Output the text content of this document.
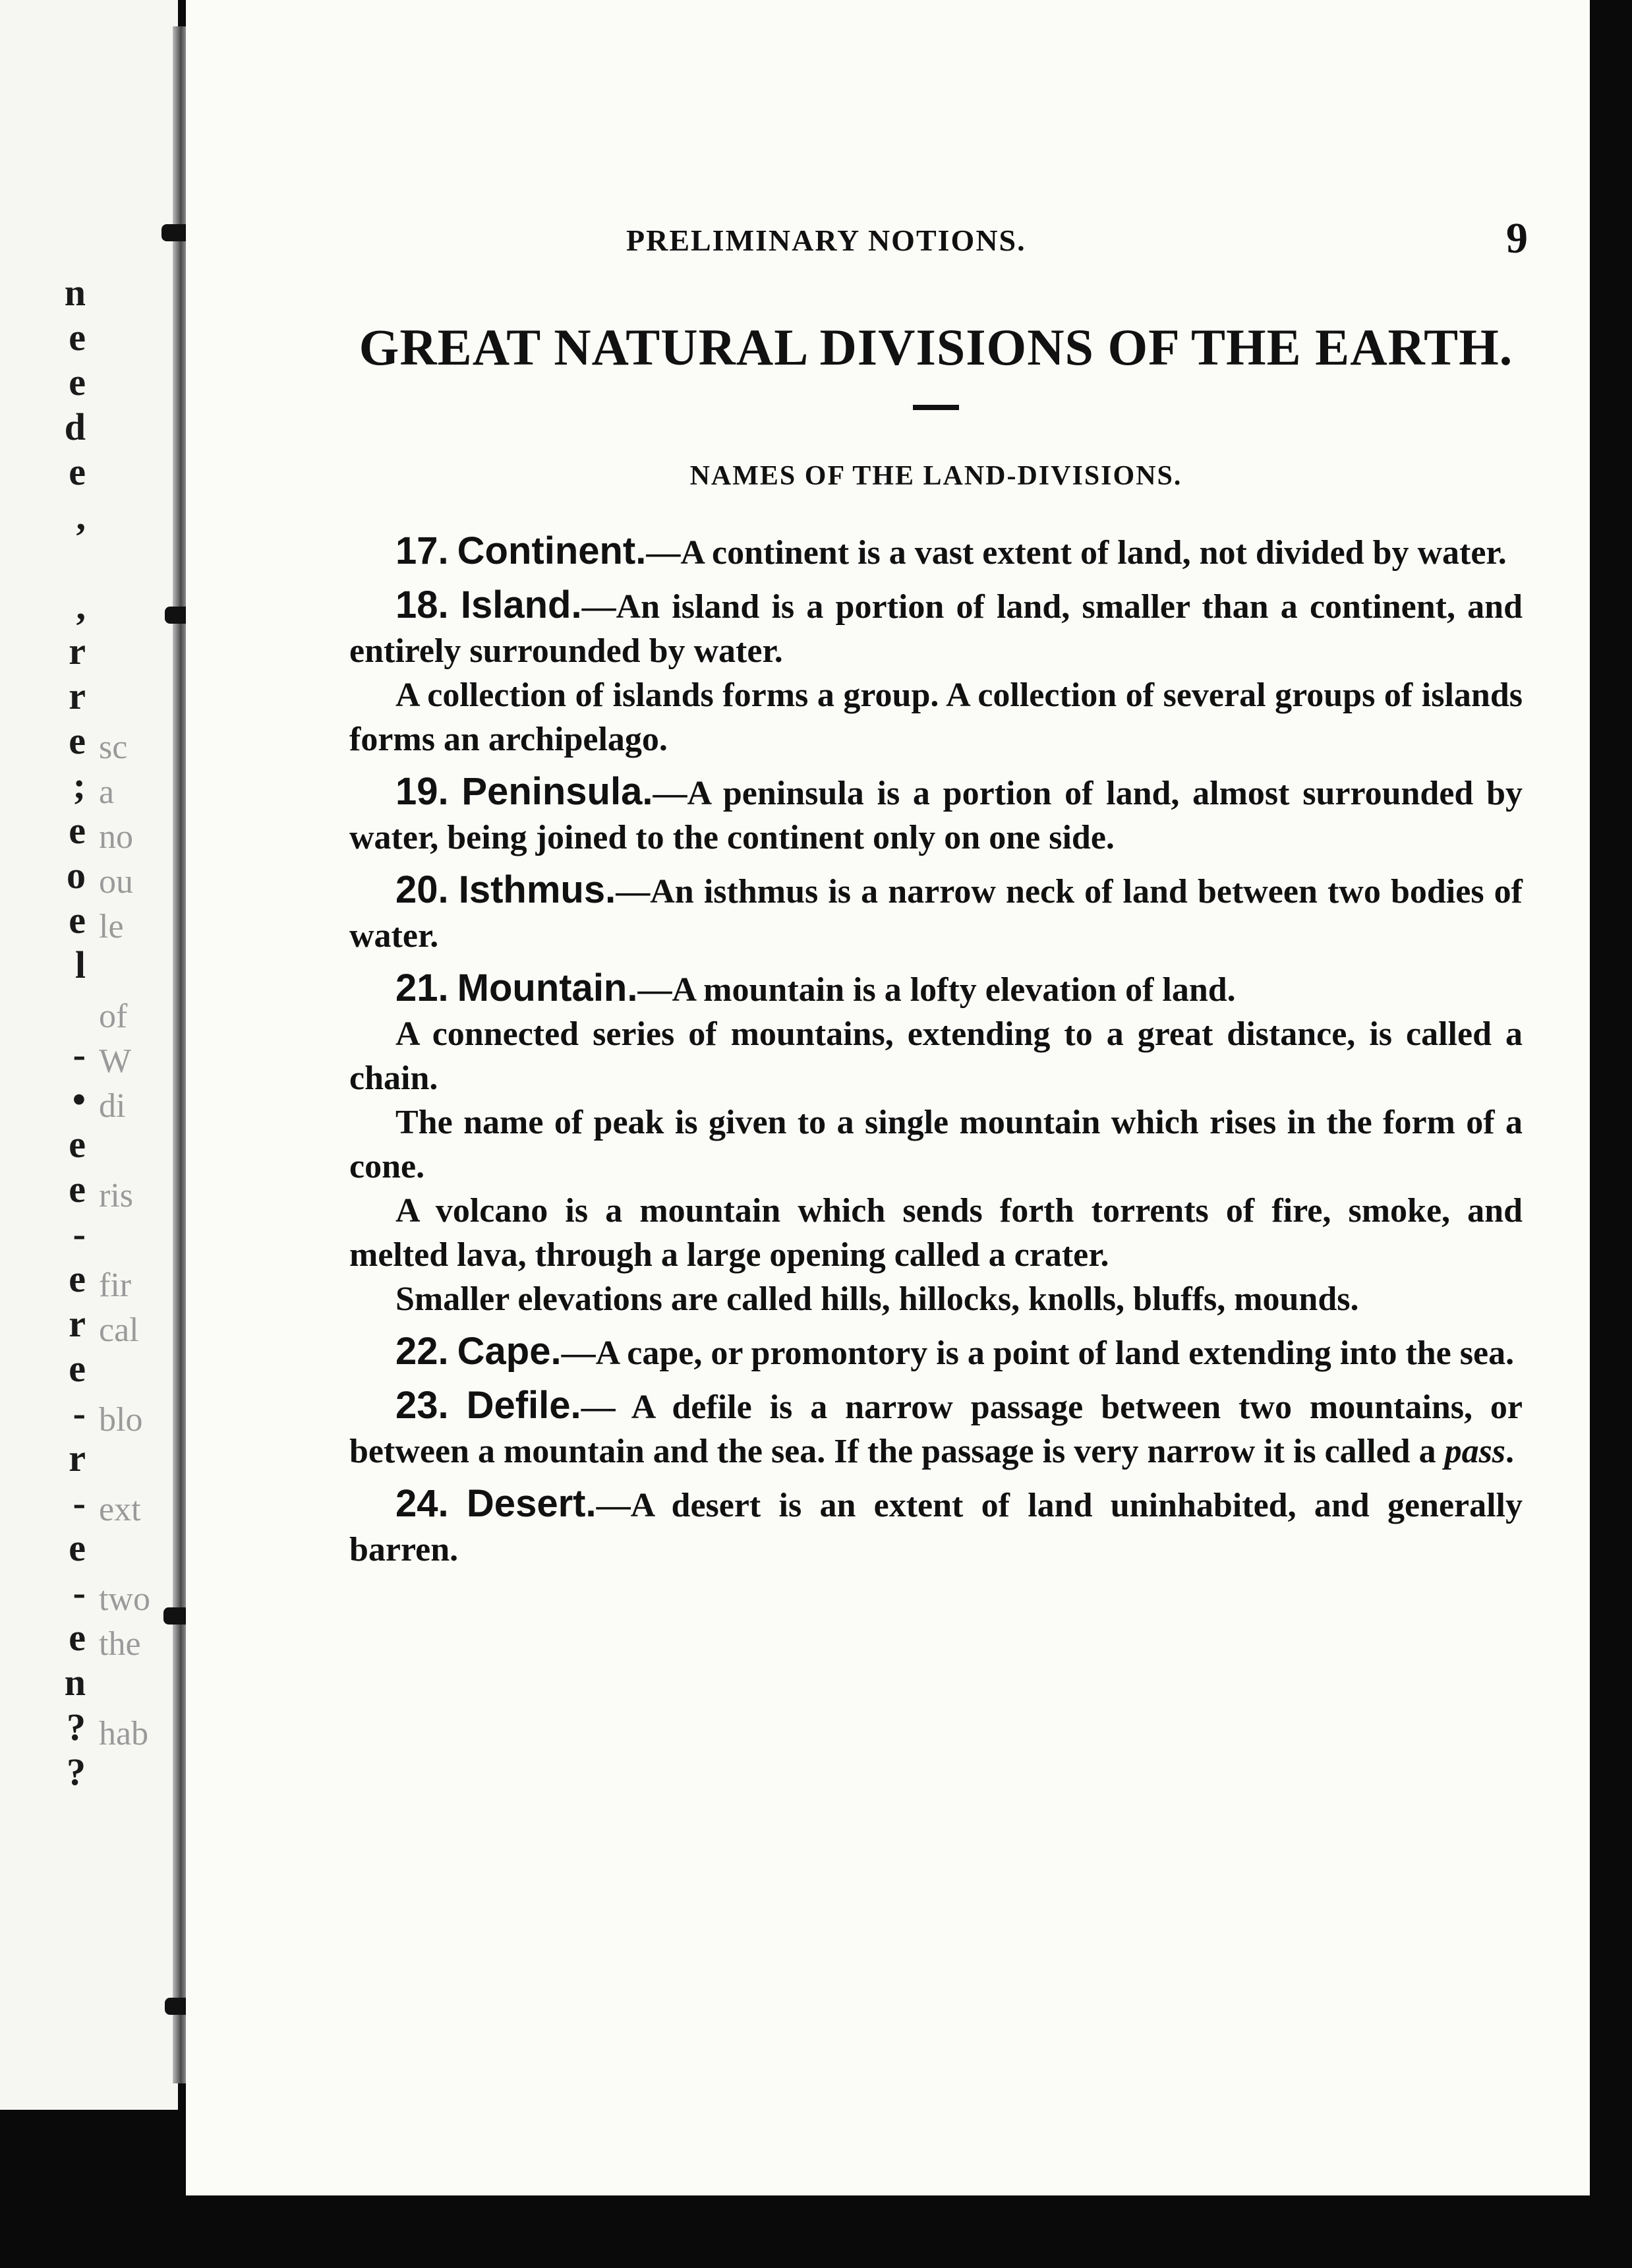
n
e
e
d
e
,
,
r
r
e
;
e
o
e
l
-
•
e
e
-
e
r
e
-
r
-
e
-
e
n
?
?
sc
a
no
ou
le
of
W
di
ris
fir
cal
blo
ext
two
the
hab
PRELIMINARY NOTIONS.	9
GREAT NATURAL DIVISIONS OF THE EARTH.
NAMES OF THE LAND-DIVISIONS.

17. Continent.—A continent is a vast extent of land, not divided by water.

18. Island.—An island is a portion of land, smaller than a continent, and entirely surrounded by water.

A collection of islands forms a group. A collection of several groups of islands forms an archipelago.

19. Peninsula.—A peninsula is a portion of land, almost surrounded by water, being joined to the continent only on one side.

20. Isthmus.—An isthmus is a narrow neck of land between two bodies of water.

21. Mountain.—A mountain is a lofty elevation of land.

A connected series of mountains, extending to a great distance, is called a chain.

The name of peak is given to a single mountain which rises in the form of a cone.

A volcano is a mountain which sends forth torrents of fire, smoke, and melted lava, through a large opening called a crater.

Smaller elevations are called hills, hillocks, knolls, bluffs, mounds.

22. Cape.—A cape, or promontory is a point of land extending into the sea.

23. Defile.— A defile is a narrow passage between two mountains, or between a mountain and the sea. If the passage is very narrow it is called a pass.

24. Desert.—A desert is an extent of land uninhabited, and generally barren.
